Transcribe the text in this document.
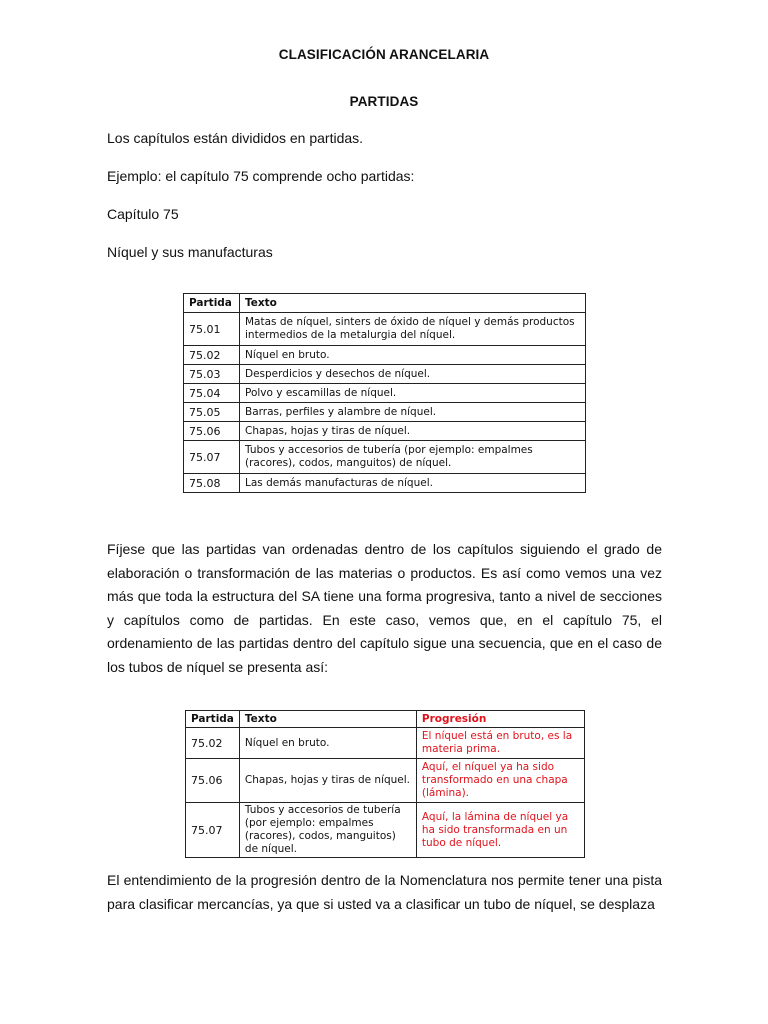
CLASIFICACIÓN ARANCELARIA
PARTIDAS
Los capítulos están divididos en partidas.
Ejemplo: el capítulo 75 comprende ocho partidas:
Capítulo 75
Níquel y sus manufacturas
Partida	Texto
75.01	Matas de níquel, sinters de óxido de níquel y demás productos intermedios de la metalurgia del níquel.
75.02	Níquel en bruto.
75.03	Desperdicios y desechos de níquel.
75.04	Polvo y escamillas de níquel.
75.05	Barras, perfiles y alambre de níquel.
75.06	Chapas, hojas y tiras de níquel.
75.07	Tubos y accesorios de tubería (por ejemplo: empalmes (racores), codos, manguitos) de níquel.
75.08	Las demás manufacturas de níquel.
Fíjese que las partidas van ordenadas dentro de los capítulos siguiendo el grado de elaboración o transformación de las materias o productos. Es así como vemos una vez más que toda la estructura del SA tiene una forma progresiva, tanto a nivel de secciones y capítulos como de partidas. En este caso, vemos que, en el capítulo 75, el ordenamiento de las partidas dentro del capítulo sigue una secuencia, que en el caso de los tubos de níquel se presenta así:
Partida	Texto	Progresión
75.02	Níquel en bruto.	El níquel está en bruto, es la materia prima.
75.06	Chapas, hojas y tiras de níquel.	Aquí, el níquel ya ha sido transformado en una chapa (lámina).
75.07	Tubos y accesorios de tubería (por ejemplo: empalmes (racores), codos, manguitos) de níquel.	Aquí, la lámina de níquel ya ha sido transformada en un tubo de níquel.
El entendimiento de la progresión dentro de la Nomenclatura nos permite tener una pista para clasificar mercancías, ya que si usted va a clasificar un tubo de níquel, se desplaza
